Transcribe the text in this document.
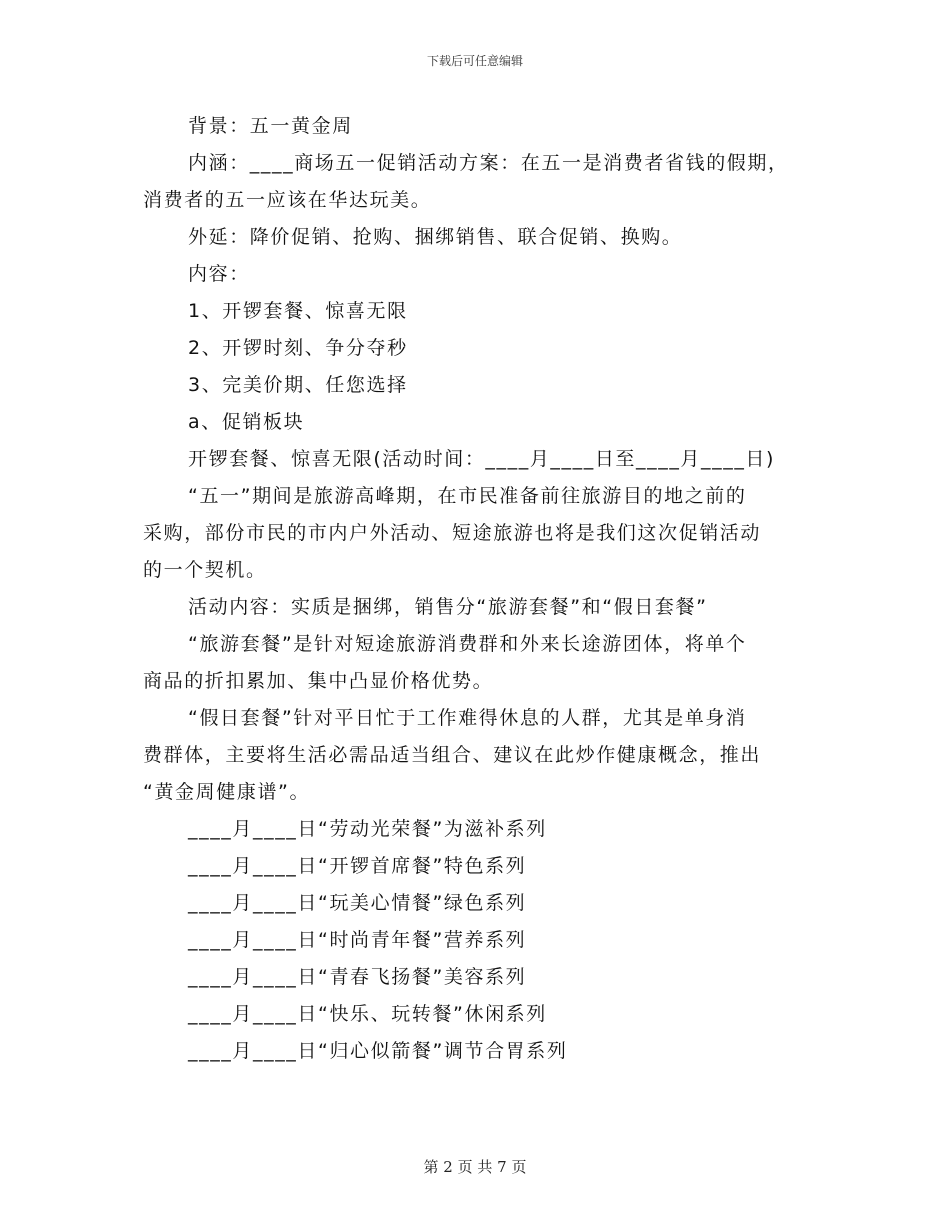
下载后可任意编辑
背景：五一黄金周
内涵：____商场五一促销活动方案：在五一是消费者省钱的假期，
消费者的五一应该在华达玩美。
外延：降价促销、抢购、捆绑销售、联合促销、换购。
内容：
1、开锣套餐、惊喜无限
2、开锣时刻、争分夺秒
3、完美价期、任您选择
a、促销板块
开锣套餐、惊喜无限(活动时间：____月____日至____月____日)
“五一”期间是旅游高峰期，在市民准备前往旅游目的地之前的
采购，部份市民的市内户外活动、短途旅游也将是我们这次促销活动
的一个契机。
活动内容：实质是捆绑，销售分“旅游套餐”和“假日套餐”
“旅游套餐”是针对短途旅游消费群和外来长途游团体，将单个
商品的折扣累加、集中凸显价格优势。
“假日套餐”针对平日忙于工作难得休息的人群，尤其是单身消
费群体，主要将生活必需品适当组合、建议在此炒作健康概念，推出
“黄金周健康谱”。
____月____日“劳动光荣餐”为滋补系列
____月____日“开锣首席餐”特色系列
____月____日“玩美心情餐”绿色系列
____月____日“时尚青年餐”营养系列
____月____日“青春飞扬餐”美容系列
____月____日“快乐、玩转餐”休闲系列
____月____日“归心似箭餐”调节合胃系列
第 2 页 共 7 页
